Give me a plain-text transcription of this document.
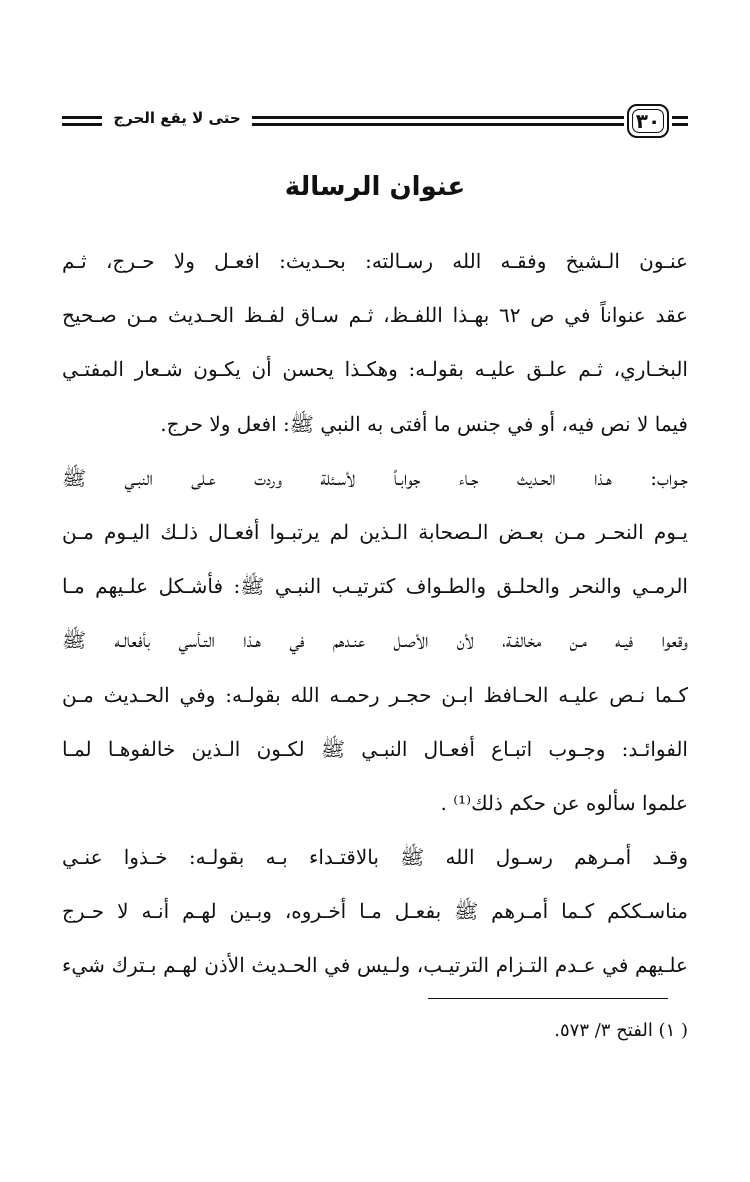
حتى لا يقع الحرج	٣٠
عنوان الرسالة
عنـون الـشيخ وفقـه الله رسـالته: بحـديث: افعـل ولا حـرج، ثـم
عقد عنواناً في ص ٦٢ بهـذا اللفـظ، ثـم سـاق لفـظ الحـديث مـن صـحيح
البخـاري، ثـم علـق عليـه بقولـه: وهكـذا يحسن أن يكـون شـعار المفتـي
فيما لا نص فيه، أو في جنس ما أفتى به النبي ﷺ: افعل ولا حرج.
جـواب: هـذا الحـديث جـاء جوابـاً لأسـئلة وردت عـلى النبـي ﷺ
يـوم النحـر مـن بعـض الـصحابة الـذين لم يرتبـوا أفعـال ذلـك اليـوم مـن
الرمـي والنحر والحلـق والطـواف كترتيـب النبـي ﷺ: فأشـكل علـيهم مـا
وقعوا فيـه مـن مخالفـة، لأن الأصـل عنـدهم في هـذا التـأسي بأفعالـه ﷺ
كـما نـص عليـه الحـافظ ابـن حجـر رحمـه الله بقولـه: وفي الحـديث مـن
الفوائـد: وجـوب اتبـاع أفعـال النبـي ﷺ لكـون الـذين خالفوهـا لمـا
علموا سألوه عن حكم ذلك⁽¹⁾ .
وقـد أمـرهم رسـول الله ﷺ بالاقتـداء بـه بقولـه: خـذوا عنـي
مناسـككم كـما أمـرهم ﷺ بفعـل مـا أخـروه، وبـين لهـم أنـه لا حـرج
علـيهم في عـدم التـزام الترتيـب، ولـيس في الحـديث الأذن لهـم بـترك شيء
( ١) الفتح ٣/ ٥٧٣.
